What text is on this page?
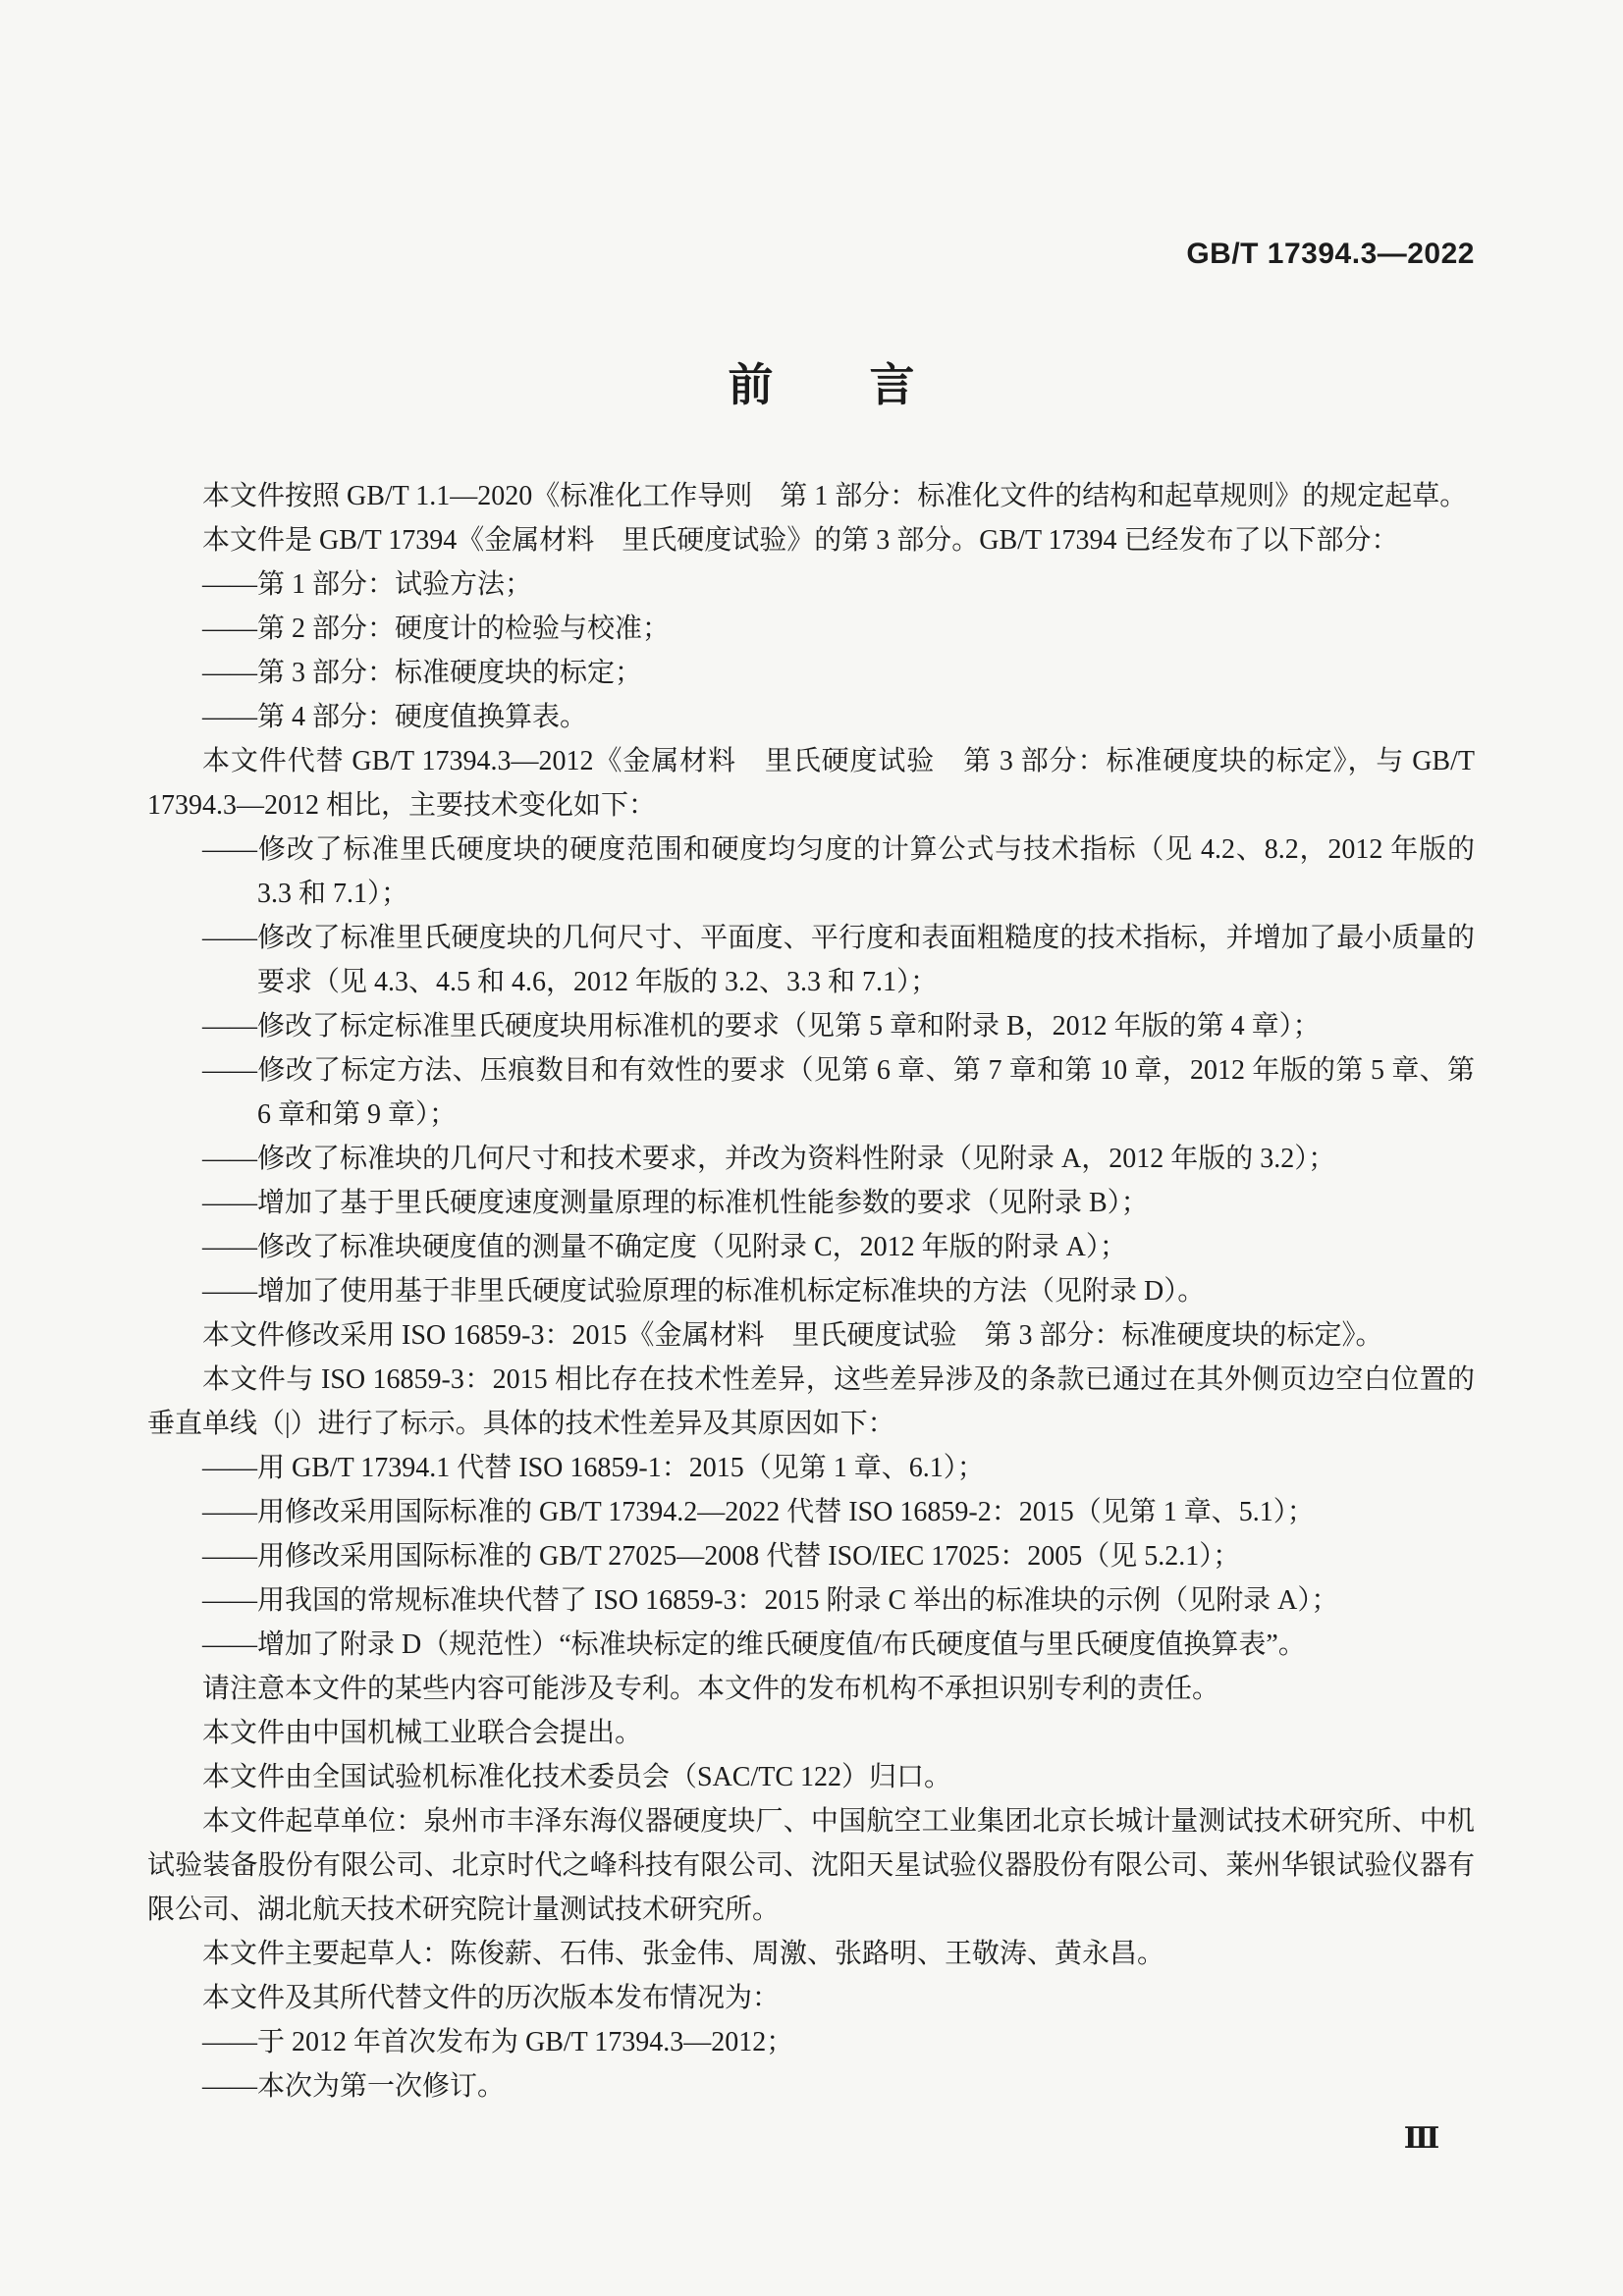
GB/T 17394.3—2022
前　　言

本文件按照 GB/T 1.1—2020《标准化工作导则　第 1 部分：标准化文件的结构和起草规则》的规定起草。

本文件是 GB/T 17394《金属材料　里氏硬度试验》的第 3 部分。GB/T 17394 已经发布了以下部分：

——第 1 部分：试验方法；

——第 2 部分：硬度计的检验与校准；

——第 3 部分：标准硬度块的标定；

——第 4 部分：硬度值换算表。

本文件代替 GB/T 17394.3—2012《金属材料　里氏硬度试验　第 3 部分：标准硬度块的标定》，与 GB/T 17394.3—2012 相比，主要技术变化如下：

——修改了标准里氏硬度块的硬度范围和硬度均匀度的计算公式与技术指标（见 4.2、8.2，2012 年版的 3.3 和 7.1）；

——修改了标准里氏硬度块的几何尺寸、平面度、平行度和表面粗糙度的技术指标，并增加了最小质量的要求（见 4.3、4.5 和 4.6，2012 年版的 3.2、3.3 和 7.1）；

——修改了标定标准里氏硬度块用标准机的要求（见第 5 章和附录 B，2012 年版的第 4 章）；

——修改了标定方法、压痕数目和有效性的要求（见第 6 章、第 7 章和第 10 章，2012 年版的第 5 章、第 6 章和第 9 章）；

——修改了标准块的几何尺寸和技术要求，并改为资料性附录（见附录 A，2012 年版的 3.2）；

——增加了基于里氏硬度速度测量原理的标准机性能参数的要求（见附录 B）；

——修改了标准块硬度值的测量不确定度（见附录 C，2012 年版的附录 A）；

——增加了使用基于非里氏硬度试验原理的标准机标定标准块的方法（见附录 D）。

本文件修改采用 ISO 16859-3：2015《金属材料　里氏硬度试验　第 3 部分：标准硬度块的标定》。

本文件与 ISO 16859-3：2015 相比存在技术性差异，这些差异涉及的条款已通过在其外侧页边空白位置的垂直单线（|）进行了标示。具体的技术性差异及其原因如下：

——用 GB/T 17394.1 代替 ISO 16859-1：2015（见第 1 章、6.1）；

——用修改采用国际标准的 GB/T 17394.2—2022 代替 ISO 16859-2：2015（见第 1 章、5.1）；

——用修改采用国际标准的 GB/T 27025—2008 代替 ISO/IEC 17025：2005（见 5.2.1）；

——用我国的常规标准块代替了 ISO 16859-3：2015 附录 C 举出的标准块的示例（见附录 A）；

——增加了附录 D（规范性）“标准块标定的维氏硬度值/布氏硬度值与里氏硬度值换算表”。

请注意本文件的某些内容可能涉及专利。本文件的发布机构不承担识别专利的责任。

本文件由中国机械工业联合会提出。

本文件由全国试验机标准化技术委员会（SAC/TC 122）归口。

本文件起草单位：泉州市丰泽东海仪器硬度块厂、中国航空工业集团北京长城计量测试技术研究所、中机试验装备股份有限公司、北京时代之峰科技有限公司、沈阳天星试验仪器股份有限公司、莱州华银试验仪器有限公司、湖北航天技术研究院计量测试技术研究所。

本文件主要起草人：陈俊薪、石伟、张金伟、周激、张路明、王敬涛、黄永昌。

本文件及其所代替文件的历次版本发布情况为：

——于 2012 年首次发布为 GB/T 17394.3—2012；

——本次为第一次修订。

Ⅲ
